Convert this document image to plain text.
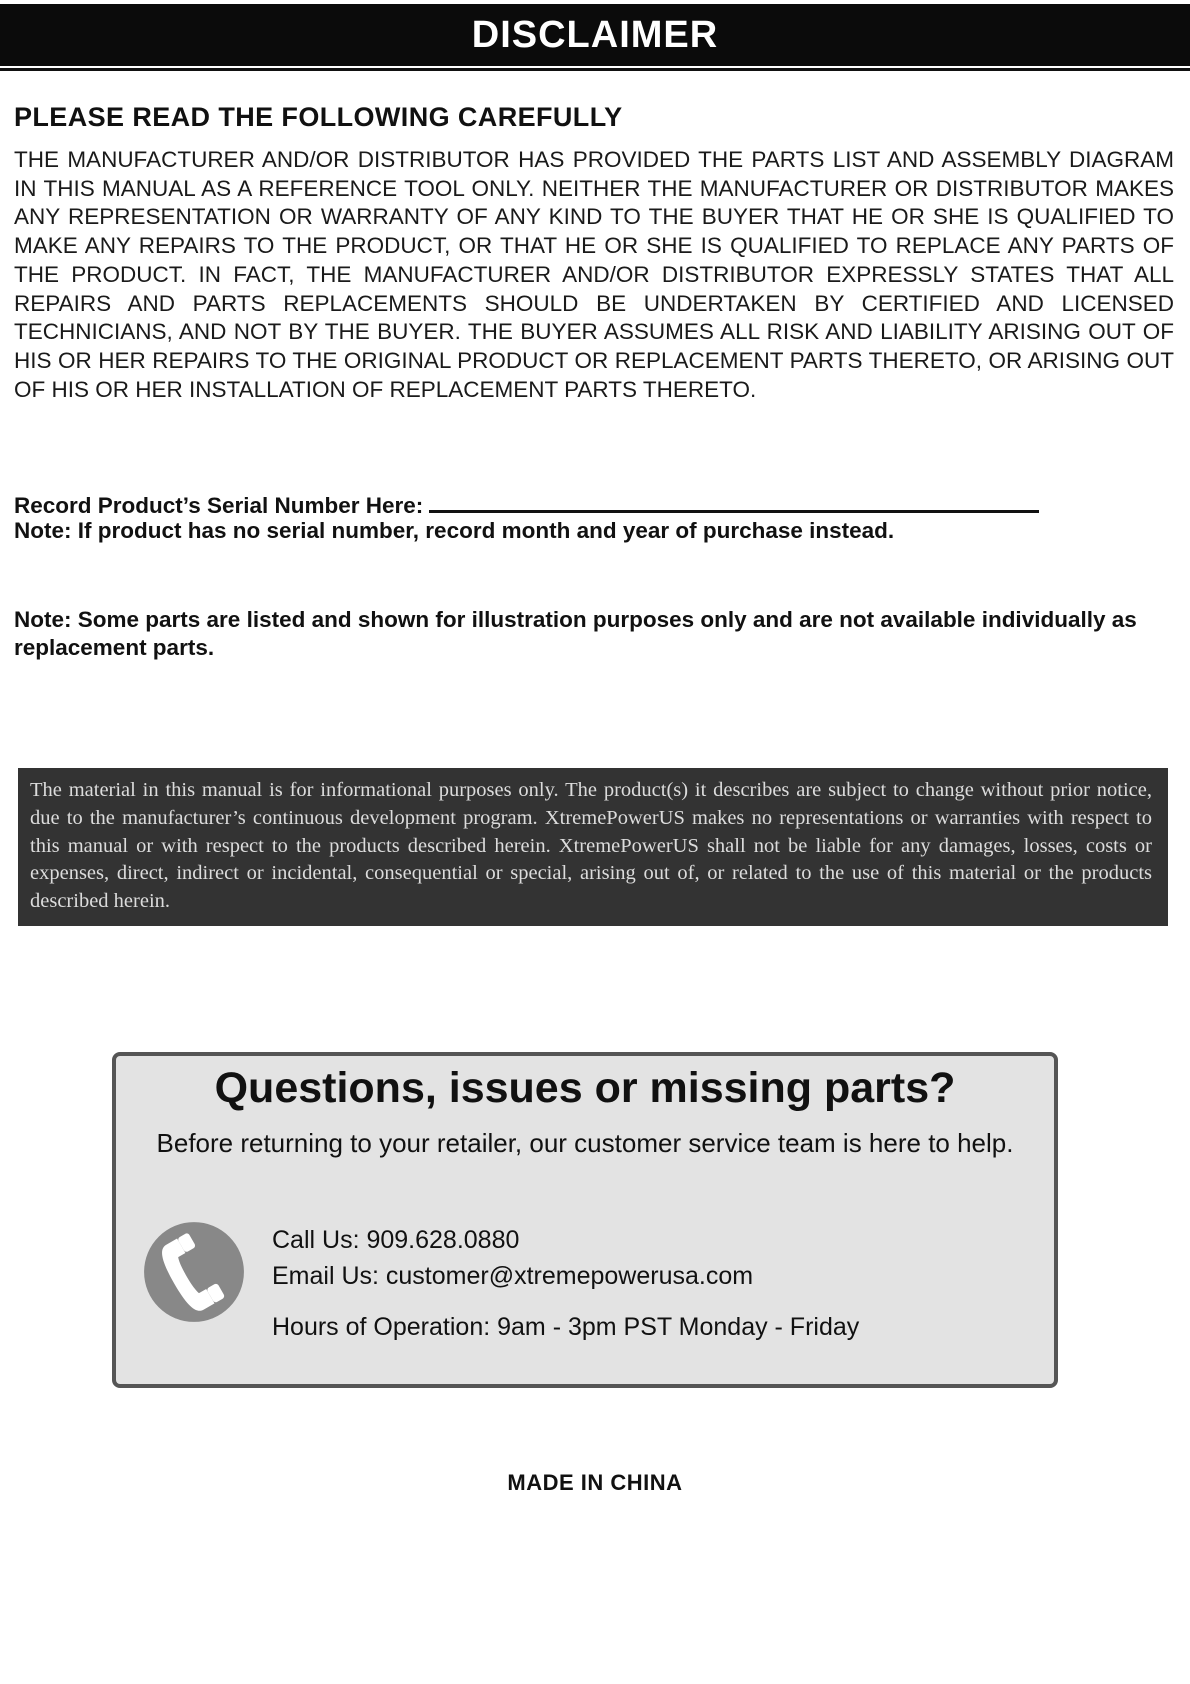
DISCLAIMER
PLEASE READ THE FOLLOWING CAREFULLY

THE MANUFACTURER AND/OR DISTRIBUTOR HAS PROVIDED THE PARTS LIST AND ASSEMBLY DIAGRAM IN THIS MANUAL AS A REFERENCE TOOL ONLY. NEITHER THE MANUFACTURER OR DISTRIBUTOR MAKES ANY REPRESENTATION OR WARRANTY OF ANY KIND TO THE BUYER THAT HE OR SHE IS QUALIFIED TO MAKE ANY REPAIRS TO THE PRODUCT, OR THAT HE OR SHE IS QUALIFIED TO REPLACE ANY PARTS OF THE PRODUCT. IN FACT, THE MANUFACTURER AND/OR DISTRIBUTOR EXPRESSLY STATES THAT ALL REPAIRS AND PARTS REPLACEMENTS SHOULD BE UNDERTAKEN BY CERTIFIED AND LICENSED TECHNICIANS, AND NOT BY THE BUYER. THE BUYER ASSUMES ALL RISK AND LIABILITY ARISING OUT OF HIS OR HER REPAIRS TO THE ORIGINAL PRODUCT OR REPLACEMENT PARTS THERETO, OR ARISING OUT OF HIS OR HER INSTALLATION OF REPLACEMENT PARTS THERETO.

Record Product’s Serial Number Here:
Note: If product has no serial number, record month and year of purchase instead.

Note: Some parts are listed and shown for illustration purposes only and are not available individually as replacement parts.

The material in this manual is for informational purposes only. The product(s) it describes are subject to change without prior notice, due to the manufacturer’s continuous development program. XtremePowerUS makes no representations or warranties with respect to this manual or with respect to the products described herein. XtremePowerUS shall not be liable for any damages, losses, costs or expenses, direct, indirect or incidental, consequential or special, arising out of, or related to the use of this material or the products described herein.

Questions, issues or missing parts?
Before returning to your retailer, our customer service team is here to help.
Call Us: 909.628.0880
Email Us: customer@xtremepowerusa.com
Hours of Operation: 9am - 3pm PST Monday - Friday
MADE IN CHINA
